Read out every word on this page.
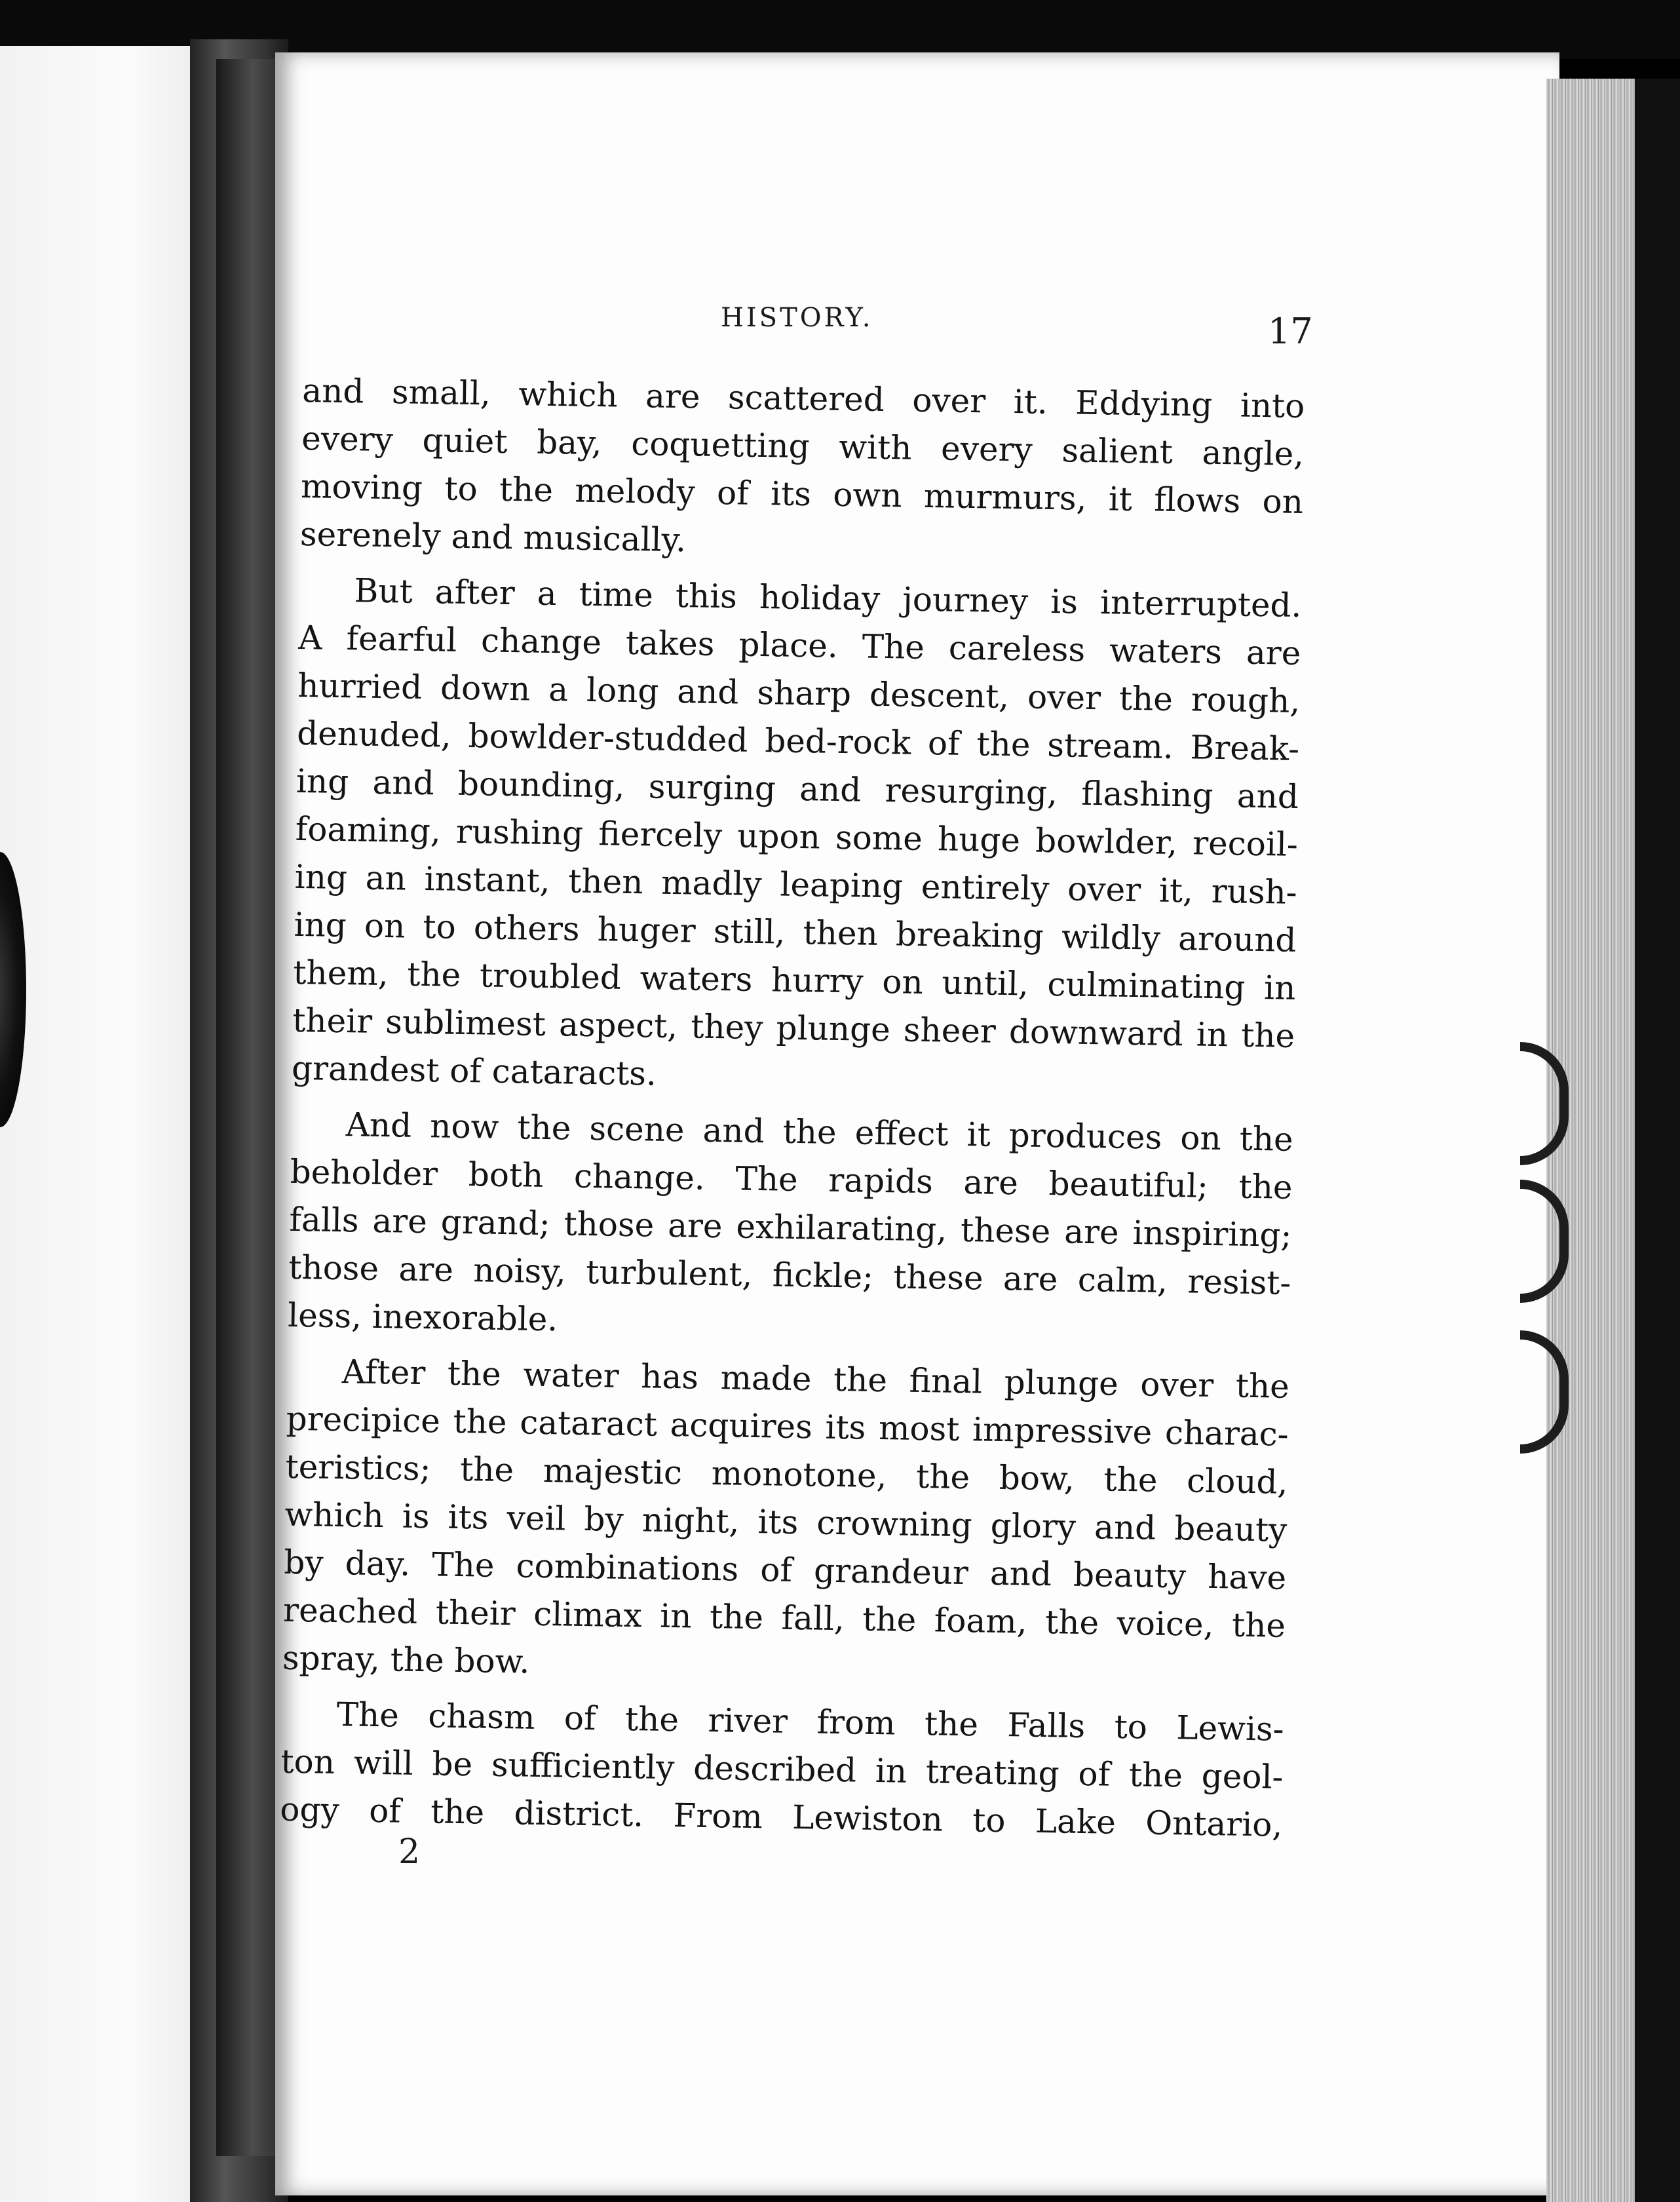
HISTORY.	17

and small, which are scattered over it. Eddying into
every quiet bay, coquetting with every salient angle,
moving to the melody of its own murmurs, it flows on
serenely and musically.

But after a time this holiday journey is interrupted.
A fearful change takes place. The careless waters are
hurried down a long and sharp descent, over the rough,
denuded, bowlder-studded bed-rock of the stream. Break-
ing and bounding, surging and resurging, flashing and
foaming, rushing fiercely upon some huge bowlder, recoil-
ing an instant, then madly leaping entirely over it, rush-
ing on to others huger still, then breaking wildly around
them, the troubled waters hurry on until, culminating in
their sublimest aspect, they plunge sheer downward in the
grandest of cataracts.

And now the scene and the effect it produces on the
beholder both change. The rapids are beautiful; the
falls are grand; those are exhilarating, these are inspiring;
those are noisy, turbulent, fickle; these are calm, resist-
less, inexorable.

After the water has made the final plunge over the
precipice the cataract acquires its most impressive charac-
teristics; the majestic monotone, the bow, the cloud,
which is its veil by night, its crowning glory and beauty
by day. The combinations of grandeur and beauty have
reached their climax in the fall, the foam, the voice, the
spray, the bow.

The chasm of the river from the Falls to Lewis-
ton will be sufficiently described in treating of the geol-
ogy of the district. From Lewiston to Lake Ontario,

2
